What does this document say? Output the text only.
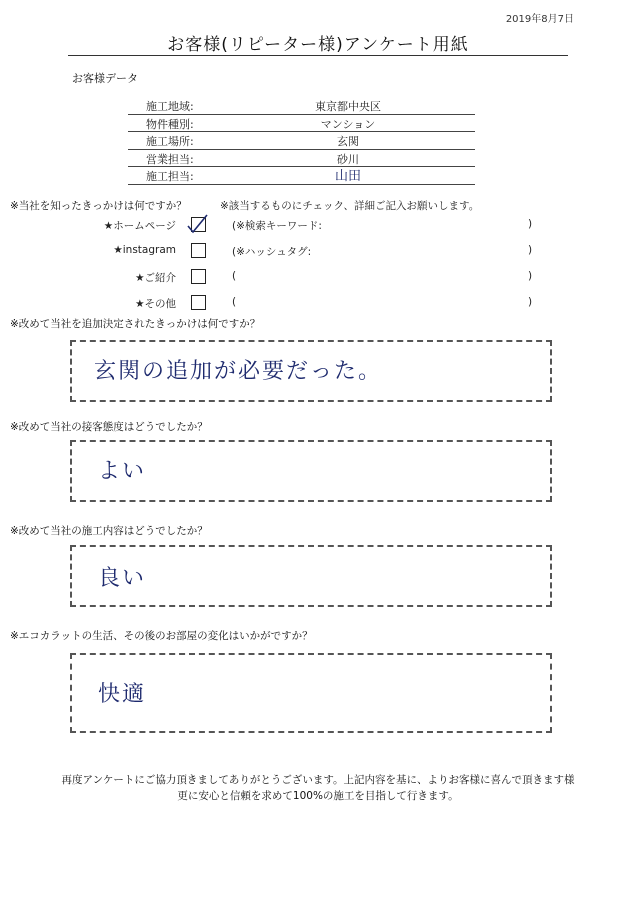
2019年8月7日
お客様(リピーター様)アンケート用紙
お客様データ
施工地域:	東京都中央区
物件種別:	マンション
施工場所:	玄関
営業担当:	砂川
施工担当:	山田
※当社を知ったきっかけは何ですか？	※該当するものにチェック、詳細ご記入お願いします。
★ホームページ	(※検索キーワード:	)
★instagram	(※ハッシュタグ:	)
★ご紹介	(	)
★その他	(	)
※改めて当社を追加決定されたきっかけは何ですか？
玄関の追加が必要だった。
※改めて当社の接客態度はどうでしたか？
よい
※改めて当社の施工内容はどうでしたか？
良い
※エコカラットの生活、その後のお部屋の変化はいかがですか？
快適
再度アンケートにご協力頂きましてありがとうございます。上記内容を基に、よりお客様に喜んで頂きます様
更に安心と信頼を求めて100%の施工を目指して行きます。
